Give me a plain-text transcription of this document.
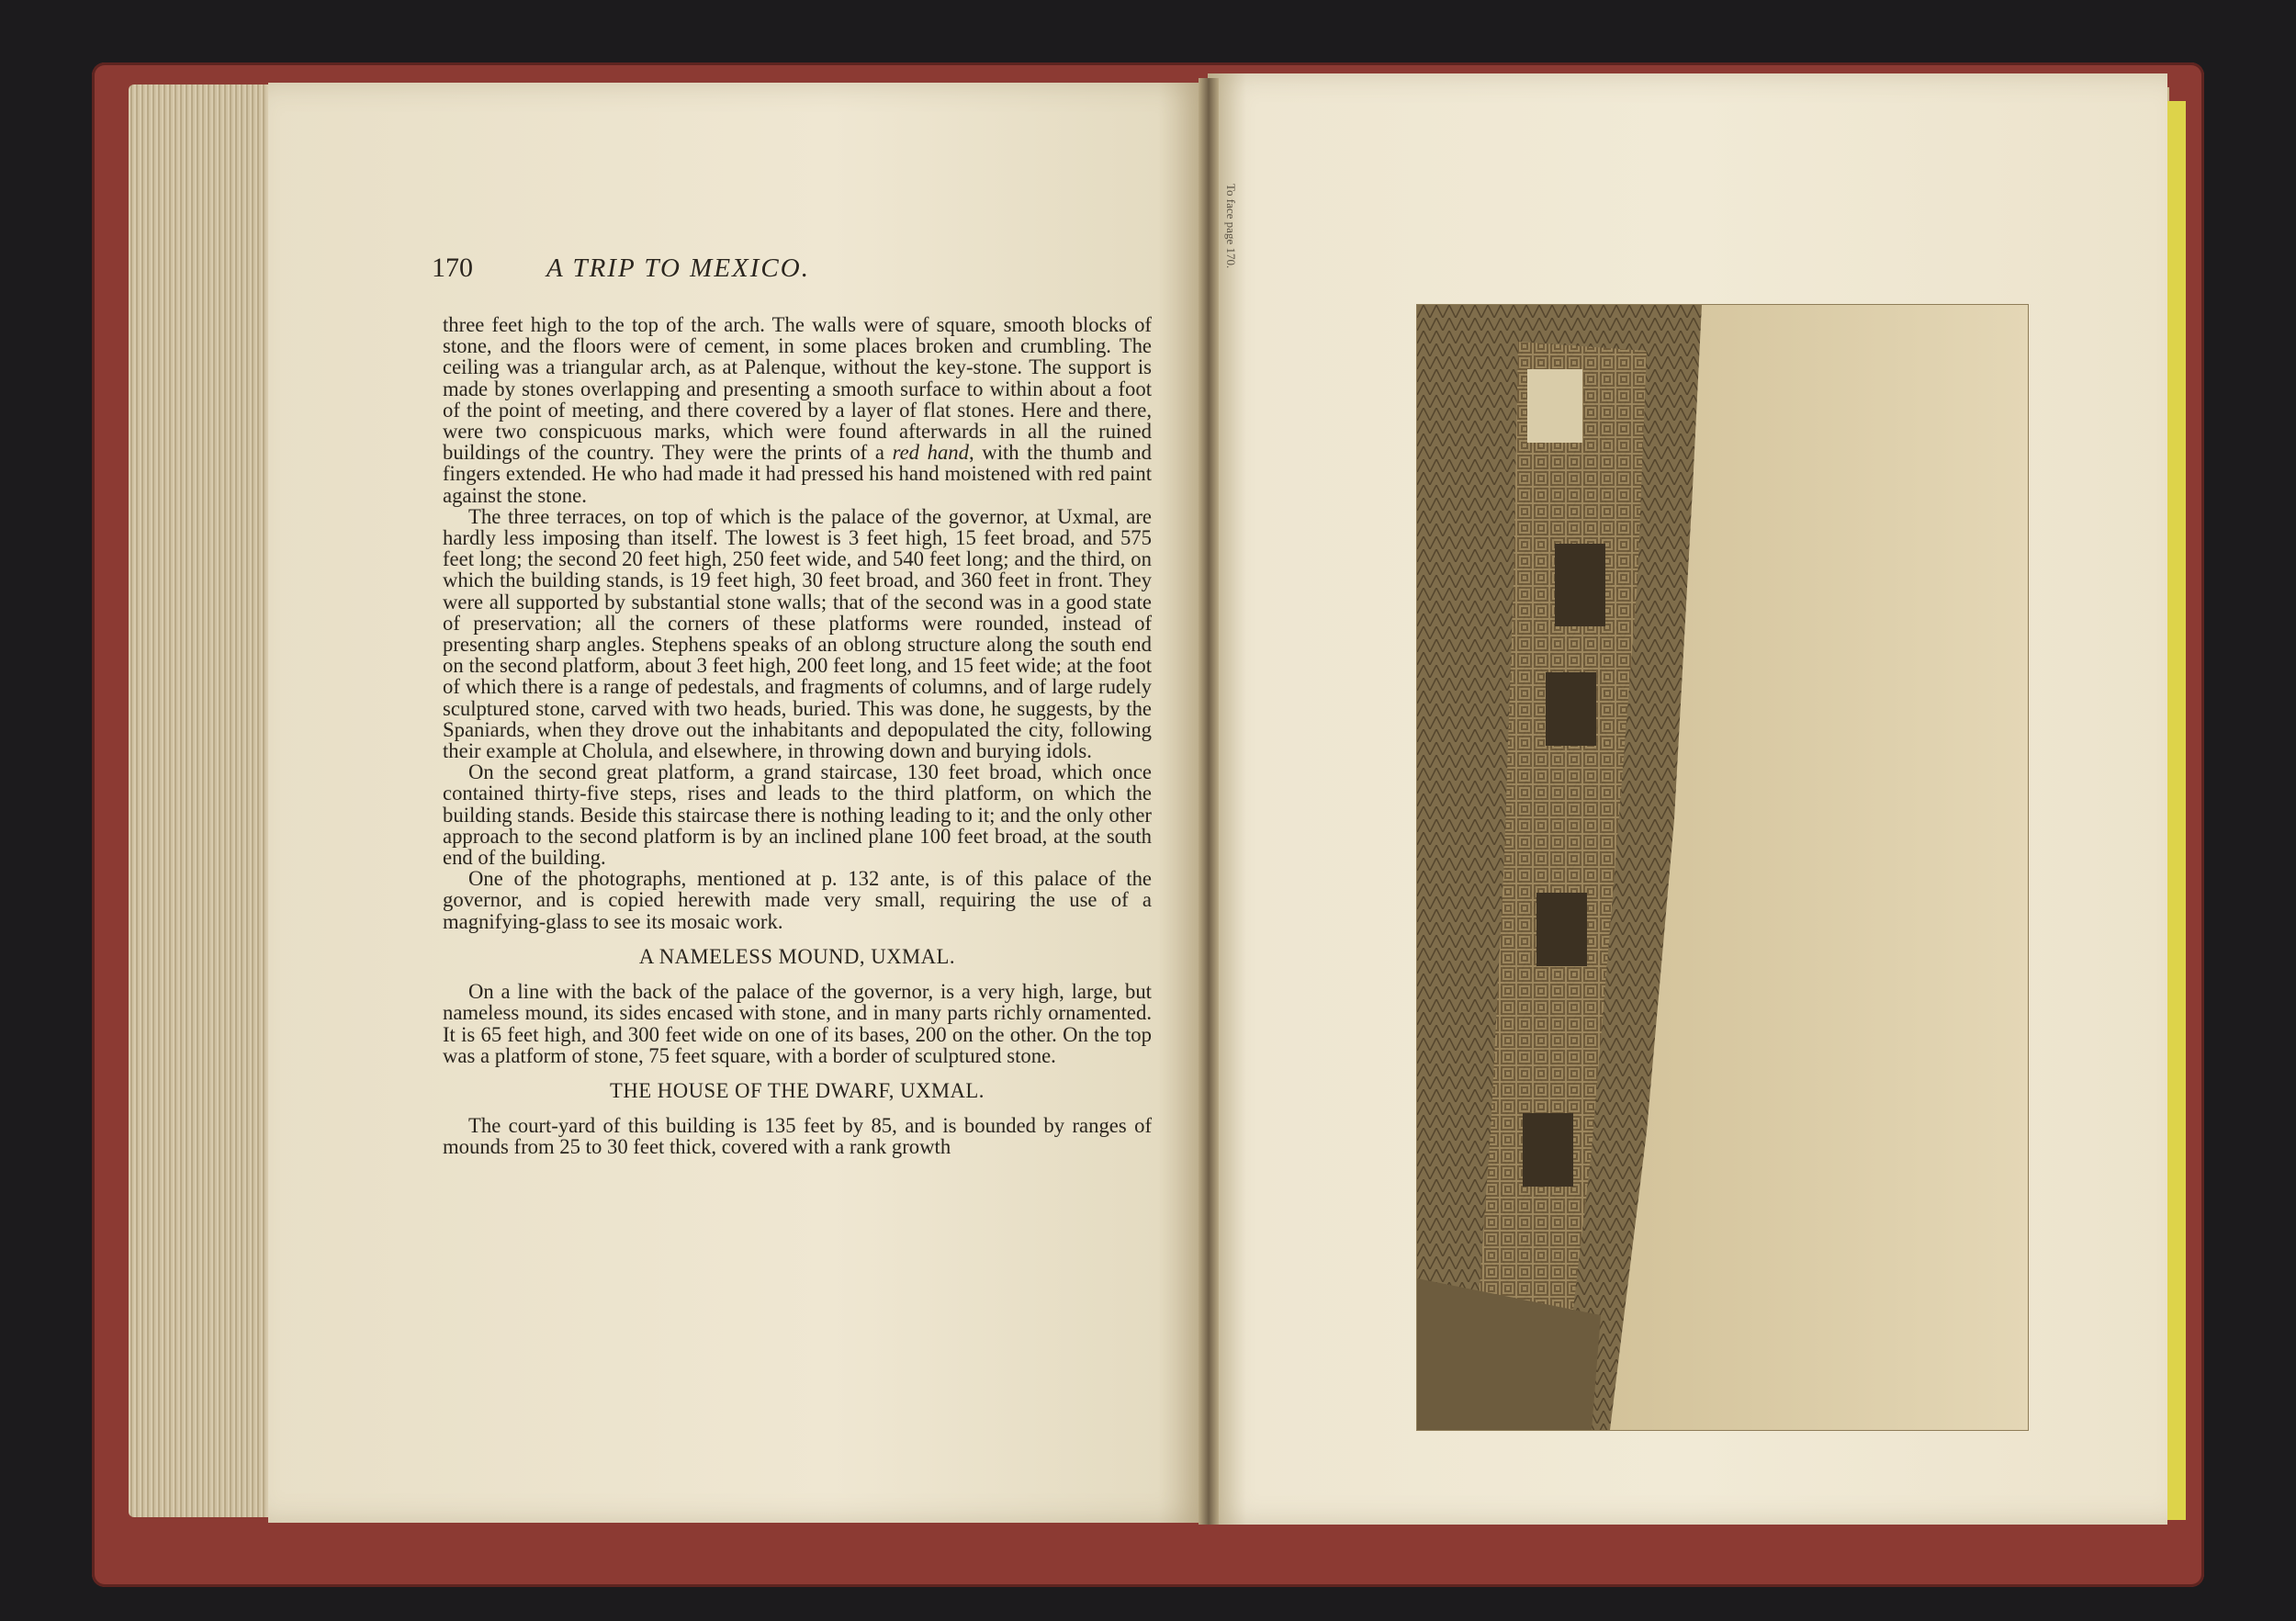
170	A TRIP TO MEXICO.

three feet high to the top of the arch. The walls were of square, smooth blocks of stone, and the floors were of cement, in some places broken and crumbling. The ceiling was a triangular arch, as at Palenque, without the key-stone. The support is made by stones overlapping and presenting a smooth surface to within about a foot of the point of meeting, and there covered by a layer of flat stones. Here and there, were two conspicuous marks, which were found afterwards in all the ruined buildings of the country. They were the prints of a red hand, with the thumb and fingers extended. He who had made it had pressed his hand moistened with red paint against the stone.

The three terraces, on top of which is the palace of the governor, at Uxmal, are hardly less imposing than itself. The lowest is 3 feet high, 15 feet broad, and 575 feet long; the second 20 feet high, 250 feet wide, and 540 feet long; and the third, on which the building stands, is 19 feet high, 30 feet broad, and 360 feet in front. They were all supported by substantial stone walls; that of the second was in a good state of preservation; all the corners of these platforms were rounded, instead of presenting sharp angles. Stephens speaks of an oblong structure along the south end on the second platform, about 3 feet high, 200 feet long, and 15 feet wide; at the foot of which there is a range of pedestals, and fragments of columns, and of large rudely sculptured stone, carved with two heads, buried. This was done, he suggests, by the Spaniards, when they drove out the inhabitants and depopulated the city, following their example at Cholula, and elsewhere, in throwing down and burying idols.

On the second great platform, a grand staircase, 130 feet broad, which once contained thirty-five steps, rises and leads to the third platform, on which the building stands. Beside this staircase there is nothing leading to it; and the only other approach to the second platform is by an inclined plane 100 feet broad, at the south end of the building.

One of the photographs, mentioned at p. 132 ante, is of this palace of the governor, and is copied herewith made very small, requiring the use of a magnifying-glass to see its mosaic work.

A NAMELESS MOUND, UXMAL.

On a line with the back of the palace of the governor, is a very high, large, but nameless mound, its sides encased with stone, and in many parts richly ornamented. It is 65 feet high, and 300 feet wide on one of its bases, 200 on the other. On the top was a platform of stone, 75 feet square, with a border of sculptured stone.

THE HOUSE OF THE DWARF, UXMAL.

The court-yard of this building is 135 feet by 85, and is bounded by ranges of mounds from 25 to 30 feet thick, covered with a rank growth

To face page 170.
